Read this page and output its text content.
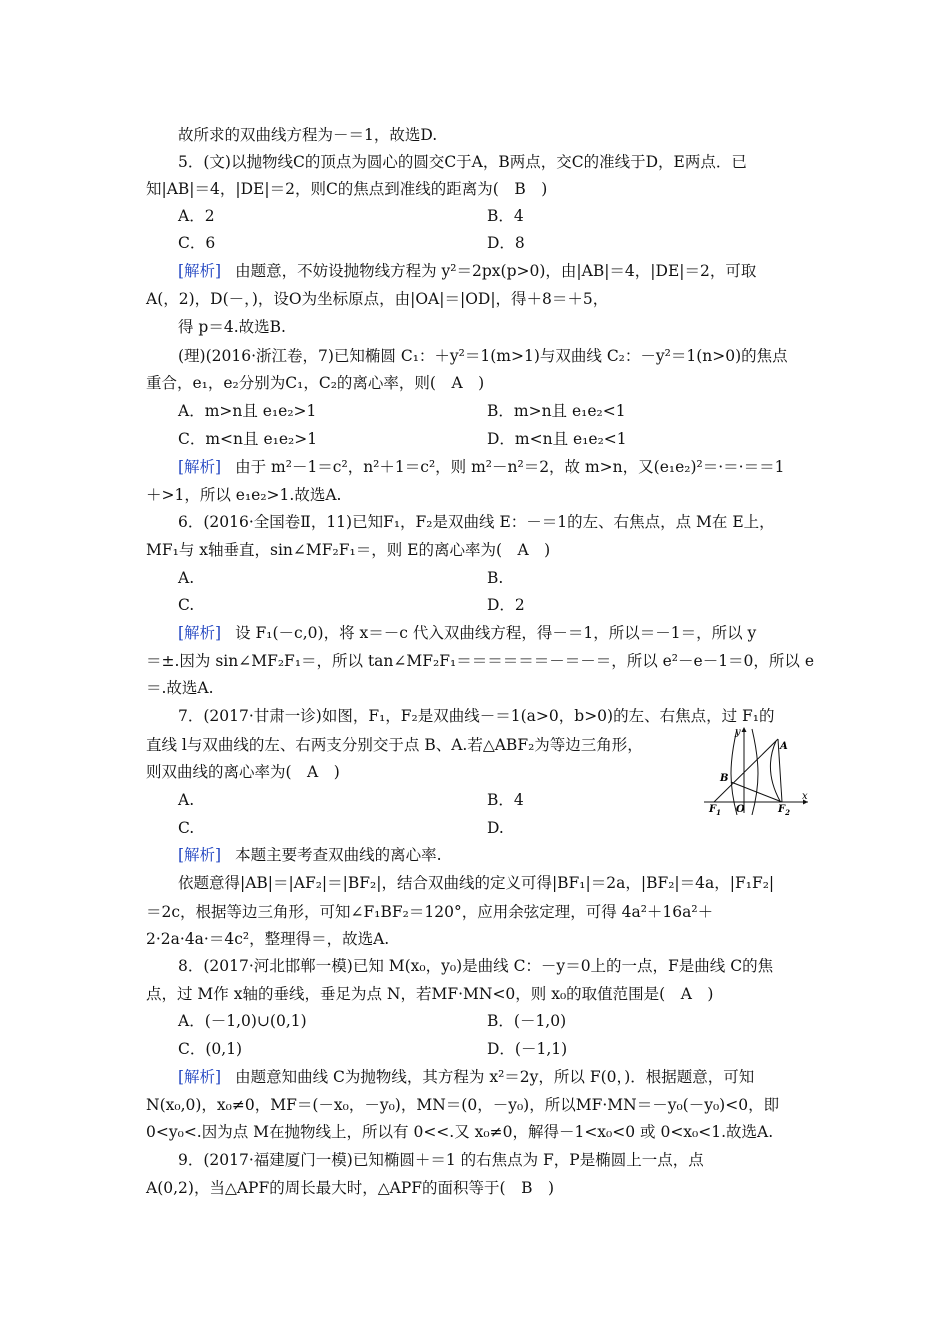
故所求的双曲线方程为－＝1，故选D.
5．(文)以抛物线C的顶点为圆心的圆交C于A，B两点，交C的准线于D，E两点．已
知|AB|＝4，|DE|＝2，则C的焦点到准线的距离为(　B　)
A．2	B．4
C．6	D．8
[解析] 由题意，不妨设抛物线方程为 y²＝2px(p>0)，由|AB|＝4，|DE|＝2，可取
A(，2)，D(－，)，设O为坐标原点，由|OA|＝|OD|，得＋8＝＋5，
得 p＝4.故选B.
(理)(2016·浙江卷，7)已知椭圆 C₁：＋y²＝1(m>1)与双曲线 C₂：－y²＝1(n>0)的焦点
重合，e₁，e₂分别为C₁，C₂的离心率，则(　A　)
A．m>n且 e₁e₂>1	B．m>n且 e₁e₂<1
C．m<n且 e₁e₂>1	D．m<n且 e₁e₂<1
[解析] 由于 m²－1＝c²，n²＋1＝c²，则 m²－n²＝2，故 m>n，又(e₁e₂)²＝·＝·＝＝1
＋>1，所以 e₁e₂>1.故选A.
6．(2016·全国卷Ⅱ，11)已知F₁，F₂是双曲线 E：－＝1的左、右焦点，点 M在 E上，
MF₁与 x轴垂直，sin∠MF₂F₁＝，则 E的离心率为(　A　)
A.	B.
C.	D．2
[解析] 设 F₁(－c,0)，将 x＝－c 代入双曲线方程，得－＝1，所以＝－1＝，所以 y
＝±.因为 sin∠MF₂F₁＝，所以 tan∠MF₂F₁＝＝＝＝＝＝－＝－＝，所以 e²－e－1＝0，所以 e
＝.故选A.
7．(2017·甘肃一诊)如图，F₁，F₂是双曲线－＝1(a>0，b>0)的左、右焦点，过 F₁的
直线 l与双曲线的左、右两支分别交于点 B、A.若△ABF₂为等边三角形，
则双曲线的离心率为(　A　)
A.	B．4
C.	D.
[解析] 本题主要考查双曲线的离心率.
依题意得|AB|＝|AF₂|＝|BF₂|，结合双曲线的定义可得|BF₁|＝2a，|BF₂|＝4a，|F₁F₂|
＝2c，根据等边三角形，可知∠F₁BF₂＝120°，应用余弦定理，可得 4a²＋16a²＋
2·2a·4a·＝4c²，整理得＝，故选A.
8．(2017·河北邯郸一模)已知 M(x₀，y₀)是曲线 C：－y＝0上的一点，F是曲线 C的焦
点，过 M作 x轴的垂线，垂足为点 N，若MF·MN<0，则 x₀的取值范围是(　A　)
A．(－1,0)∪(0,1)	B．(－1,0)
C．(0,1)	D．(－1,1)
[解析] 由题意知曲线 C为抛物线，其方程为 x²＝2y，所以 F(0，)．根据题意，可知
N(x₀,0)，x₀≠0，MF＝(－x₀，－y₀)，MN＝(0，－y₀)，所以MF·MN＝－y₀(－y₀)<0，即
0<y₀<.因为点 M在抛物线上，所以有 0<<.又 x₀≠0，解得－1<x₀<0 或 0<x₀<1.故选A.
9．(2017·福建厦门一模)已知椭圆＋＝1 的右焦点为 F，P是椭圆上一点，点
A(0,2)，当△APF的周长最大时，△APF的面积等于(　B　)
y
x
A
B
O
$F_1$	$F_2$
